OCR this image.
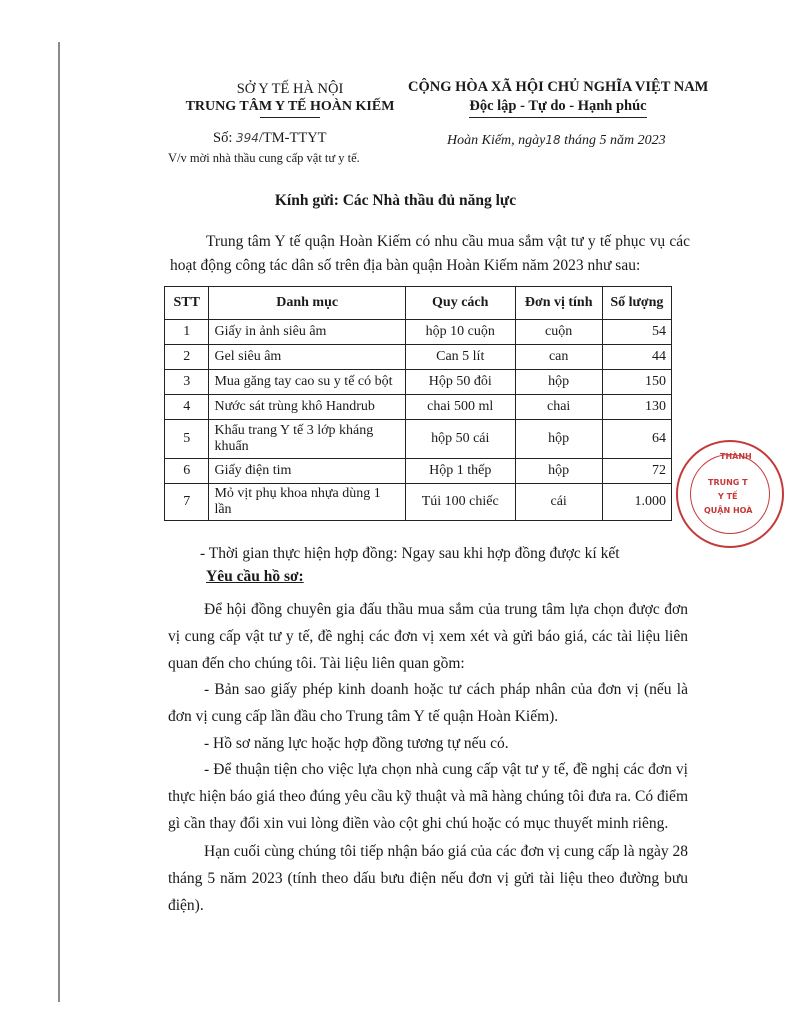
SỞ Y TẾ HÀ NỘI
TRUNG TÂM Y TẾ HOÀN KIẾM
CỘNG HÒA XÃ HỘI CHỦ NGHĨA VIỆT NAM
Độc lập - Tự do - Hạnh phúc
Số: 394/TM-TTYT
V/v mời nhà thầu cung cấp vật tư y tế.
Hoàn Kiếm, ngày18 tháng 5 năm 2023
Kính gửi: Các Nhà thầu đủ năng lực
Trung tâm Y tế quận Hoàn Kiếm có nhu cầu mua sắm vật tư y tế phục vụ các hoạt động công tác dân số trên địa bàn quận Hoàn Kiếm năm 2023 như sau:
STT	Danh mục	Quy cách	Đơn vị tính	Số lượng
1	Giấy in ảnh siêu âm	hộp 10 cuộn	cuộn	54
2	Gel siêu âm	Can 5 lít	can	44
3	Mua găng tay cao su y tế có bột	Hộp 50 đôi	hộp	150
4	Nước sát trùng khô Handrub	chai 500 ml	chai	130
5	Khẩu trang Y tế 3 lớp kháng khuẩn	hộp 50 cái	hộp	64
6	Giấy điện tim	Hộp 1 thếp	hộp	72
7	Mỏ vịt phụ khoa nhựa dùng 1 lần	Túi 100 chiếc	cái	1.000
THÀNH
TRUNG T
Y TẾ
QUẬN HOÀ
- Thời gian thực hiện hợp đồng: Ngay sau khi hợp đồng được kí kết
Yêu cầu hồ sơ:
Để hội đồng chuyên gia đấu thầu mua sắm của trung tâm lựa chọn được đơn vị cung cấp vật tư y tế, đề nghị các đơn vị xem xét và gửi báo giá, các tài liệu liên quan đến cho chúng tôi. Tài liệu liên quan gồm:
- Bản sao giấy phép kinh doanh hoặc tư cách pháp nhân của đơn vị (nếu là đơn vị cung cấp lần đầu cho Trung tâm Y tế quận Hoàn Kiếm).
- Hồ sơ năng lực hoặc hợp đồng tương tự nếu có.
- Để thuận tiện cho việc lựa chọn nhà cung cấp vật tư y tế, đề nghị các đơn vị thực hiện báo giá theo đúng yêu cầu kỹ thuật và mã hàng chúng tôi đưa ra. Có điểm gì cần thay đổi xin vui lòng điền vào cột ghi chú hoặc có mục thuyết minh riêng.
Hạn cuối cùng chúng tôi tiếp nhận báo giá của các đơn vị cung cấp là ngày 28 tháng 5 năm 2023 (tính theo dấu bưu điện nếu đơn vị gửi tài liệu theo đường bưu điện).
